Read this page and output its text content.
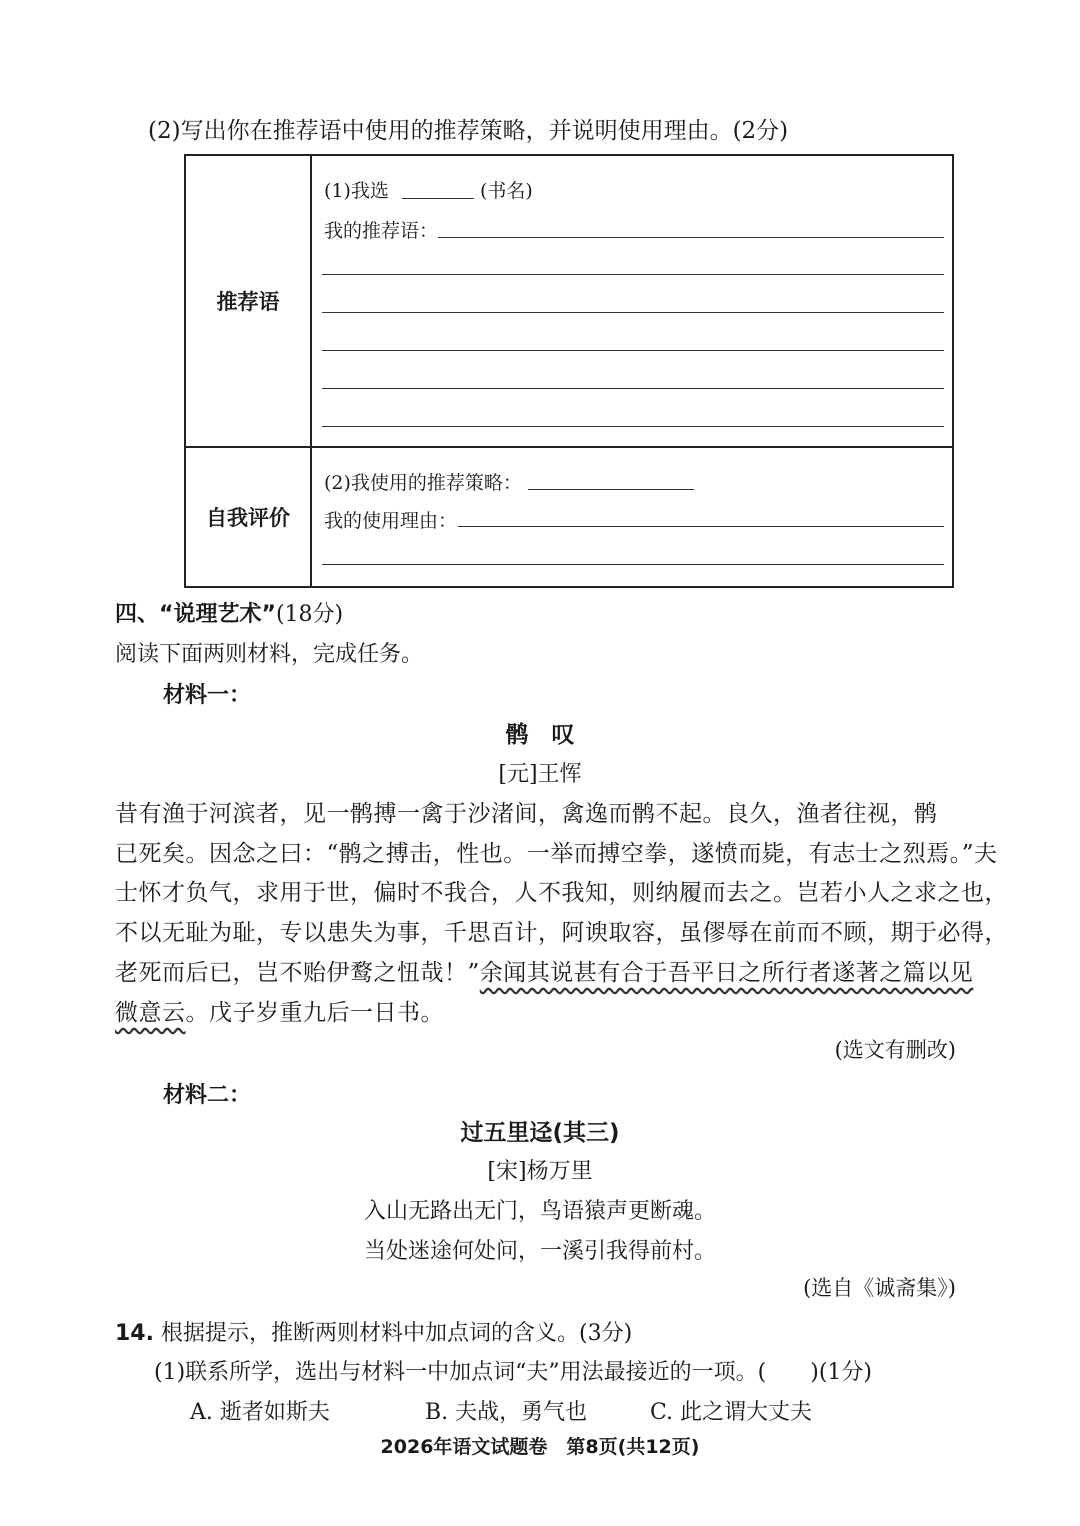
(2)写出你在推荐语中使用的推荐策略，并说明使用理由。(2分)
推荐语	(1)我选 (书名)
我的推荐语：

自我评价	(2)我使用的推荐策略：
我的使用理由：
四、“说理艺术”(18分)
阅读下面两则材料，完成任务。
材料一：
鹘　叹
[元]王恽
昔有渔于河滨者，见一鹘搏一禽于沙渚间，禽逸而鹘不起。良久，渔者往视，鹘
已死矣。因念之曰：“鹘之搏击，性也。一举而搏空拳，遂愤而毙，有志士之烈焉。”夫
士怀才负气，求用于世，偏时不我合，人不我知，则纳履而去之。岂若小人之求之也，
不以无耻为耻，专以患失为事，千思百计，阿谀取容，虽僇辱在前而不顾，期于必得，
老死而后已，岂不贻伊鹜之忸哉！”余闻其说甚有合于吾平日之所行者遂著之篇以见
微意云。戊子岁重九后一日书。
(选文有删改)
材料二：
过五里迳(其三)
[宋]杨万里
入山无路出无门，鸟语猿声更断魂。
当处迷途何处问，一溪引我得前村。
(选自《诚斋集》)
14. 根据提示，推断两则材料中加点词的含义。(3分)
(1)联系所学，选出与材料一中加点词“夫”用法最接近的一项。(　　)(1分)
A. 逝者如斯夫	B. 夫战，勇气也	C. 此之谓大丈夫
2026年语文试题卷　第8页(共12页)
